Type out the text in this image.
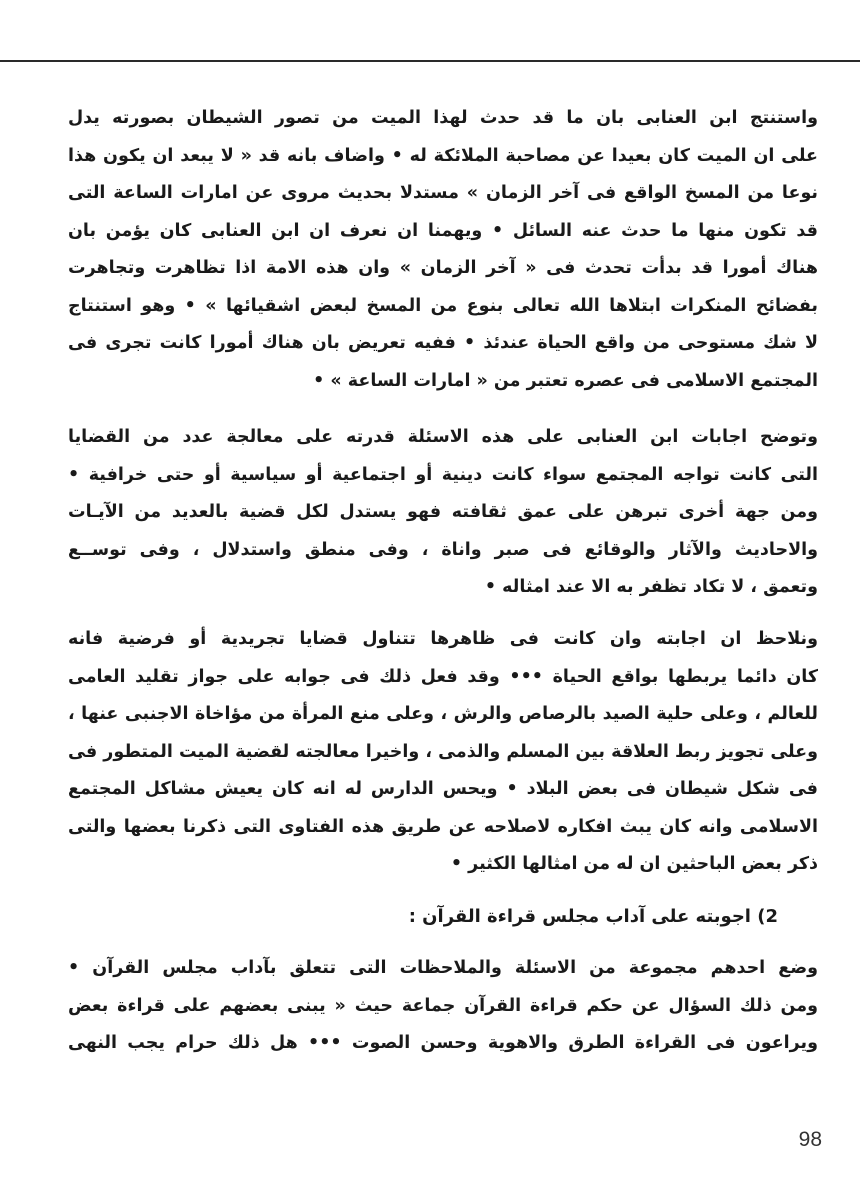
واستنتج ابن العنابى بان ما قد حدث لهذا الميت من تصور الشيطان بصورته يدل
على ان الميت كان بعيدا عن مصاحبة الملائكة له • واضاف بانه قد « لا يبعد ان يكون هذا
نوعا من المسخ الواقع فى آخر الزمان » مستدلا بحديث مروى عن امارات الساعة التى
قد تكون منها ما حدث عنه السائل • ويهمنا ان نعرف ان ابن العنابى كان يؤمن بان
هناك أمورا قد بدأت تحدث فى « آخر الزمان » وان هذه الامة اذا تظاهرت وتجاهرت
بفضائح المنكرات ابتلاها الله تعالى بنوع من المسخ لبعض اشقيائها » • وهو استنتاج
لا شك مستوحى من واقع الحياة عندئذ • ففيه تعريض بان هناك أمورا كانت تجرى فى
المجتمع الاسلامى فى عصره تعتبر من « امارات الساعة » •
وتوضح اجابات ابن العنابى على هذه الاسئلة قدرته على معالجة عدد من القضايا
التى كانت تواجه المجتمع سواء كانت دينية أو اجتماعية أو سياسية أو حتى خرافية •
ومن جهة أخرى تبرهن على عمق ثقافته فهو يستدل لكل قضية بالعديد من الآيـات
والاحاديث والآثار والوقائع فى صبر واناة ، وفى منطق واستدلال ، وفى توســع
وتعمق ، لا تكاد تظفر به الا عند امثاله •
ونلاحظ ان اجابته وان كانت فى ظاهرها تتناول قضايا تجريدية أو فرضية فانه
كان دائما يربطها بواقع الحياة ••• وقد فعل ذلك فى جوابه على جواز تقليد العامى
للعالم ، وعلى حلية الصيد بالرصاص والرش ، وعلى منع المرأة من مؤاخاة الاجنبى عنها ،
وعلى تجويز ربط العلاقة بين المسلم والذمى ، واخيرا معالجته لقضية الميت المتطور فى
فى شكل شيطان فى بعض البلاد • ويحس الدارس له انه كان يعيش مشاكل المجتمع
الاسلامى وانه كان يبث افكاره لاصلاحه عن طريق هذه الفتاوى التى ذكرنا بعضها والتى
ذكر بعض الباحثين ان له من امثالها الكثير •
2) اجوبته على آداب مجلس قراءة القرآن :
وضع احدهم مجموعة من الاسئلة والملاحظات التى تتعلق بآداب مجلس القرآن •
ومن ذلك السؤال عن حكم قراءة القرآن جماعة حيث « يبنى بعضهم على قراءة بعض
ويراعون فى القراءة الطرق والاهوية وحسن الصوت ••• هل ذلك حرام يجب النهى
98
